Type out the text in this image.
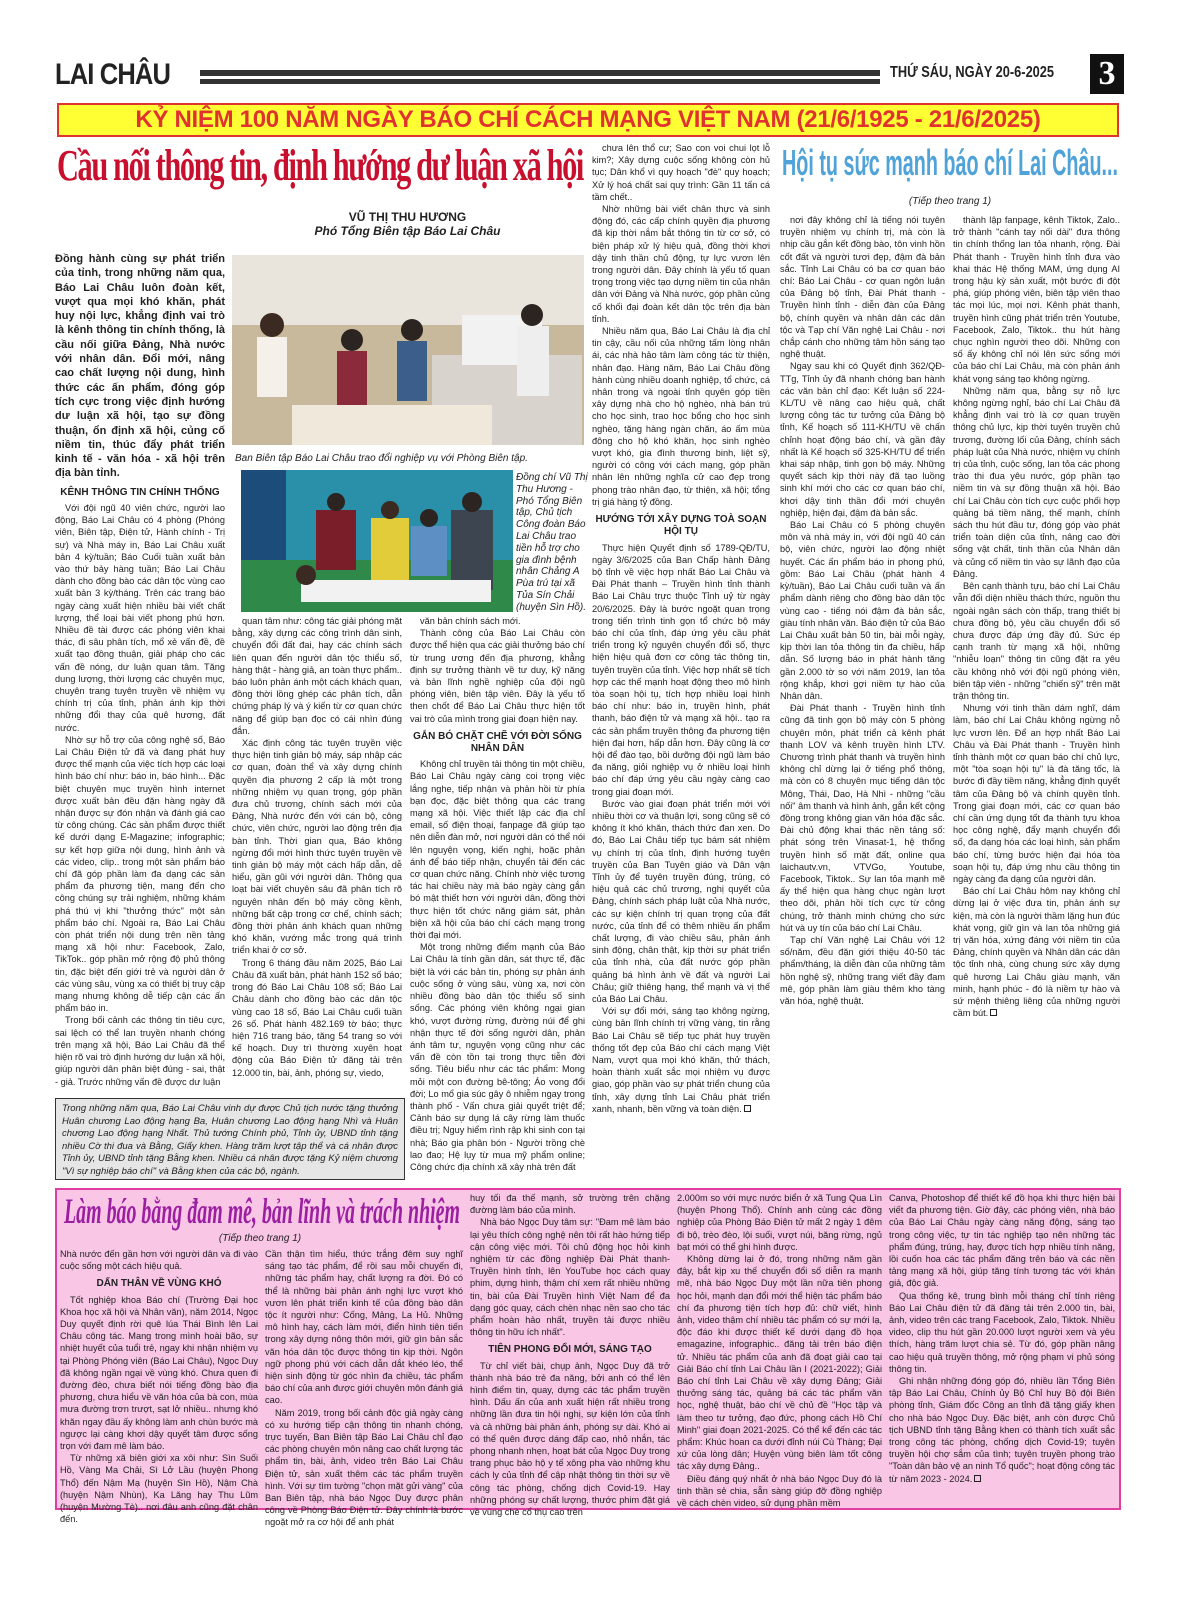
LAI CHÂU	THỨ SÁU, NGÀY 20-6-2025 3
KỶ NIỆM 100 NĂM NGÀY BÁO CHÍ CÁCH MẠNG VIỆT NAM (21/6/1925 - 21/6/2025)
Cầu nối thông tin, định hướng dư luận xã hội
VŨ THỊ THU HƯƠNG
Phó Tổng Biên tập Báo Lai Châu
Ban Biên tập Báo Lai Châu trao đổi nghiệp vụ với Phòng Biên tập.
Đồng chí Vũ Thị Thu Hương - Phó Tổng Biên tập, Chủ tịch Công đoàn Báo Lai Châu trao tiền hỗ trợ cho gia đình bệnh nhân Chảng A Pùa trú tại xã Tủa Sín Chải (huyện Sìn Hồ).

Đồng hành cùng sự phát triển của tỉnh, trong những năm qua, Báo Lai Châu luôn đoàn kết, vượt qua mọi khó khăn, phát huy nội lực, khẳng định vai trò là kênh thông tin chính thống, là cầu nối giữa Đảng, Nhà nước với nhân dân. Đổi mới, nâng cao chất lượng nội dung, hình thức các ấn phẩm, đóng góp tích cực trong việc định hướng dư luận xã hội, tạo sự đồng thuận, ổn định xã hội, củng cố niềm tin, thúc đẩy phát triển kinh tế - văn hóa - xã hội trên địa bàn tỉnh.

KÊNH THÔNG TIN CHÍNH THỐNG

Với đội ngũ 40 viên chức, người lao động, Báo Lai Châu có 4 phòng (Phóng viên, Biên tập, Điện tử, Hành chính - Trị sự) và Nhà máy in, Báo Lai Châu xuất bản 4 kỳ/tuần; Báo Cuối tuần xuất bản vào thứ bảy hàng tuần; Báo Lai Châu dành cho đồng bào các dân tộc vùng cao xuất bản 3 kỳ/tháng. Trên các trang báo ngày càng xuất hiện nhiều bài viết chất lượng, thể loại bài viết phong phú hơn. Nhiều đề tài được các phóng viên khai thác, đi sâu phân tích, mổ xẻ vấn đề, đề xuất tạo đồng thuận, giải pháp cho các vấn đề nóng, dư luận quan tâm. Tăng dung lượng, thời lượng các chuyên mục, chuyên trang tuyên truyền về nhiệm vụ chính trị của tỉnh, phản ánh kịp thời những đổi thay của quê hương, đất nước.

Nhờ sự hỗ trợ của công nghệ số, Báo Lai Châu Điện tử đã và đang phát huy được thế mạnh của việc tích hợp các loại hình báo chí như: báo in, báo hình... Đặc biệt chuyên mục truyền hình internet được xuất bản đều đặn hàng ngày đã nhận được sự đón nhận và đánh giá cao từ công chúng. Các sản phẩm được thiết kế dưới dạng E-Magazine; infographic; sự kết hợp giữa nội dung, hình ảnh và các video, clip.. trong một sản phẩm báo chí đã góp phần làm đa dạng các sản phẩm đa phương tiện, mang đến cho công chúng sự trải nghiệm, những khám phá thú vị khi "thưởng thức" một sản phẩm báo chí. Ngoài ra, Báo Lai Châu còn phát triển nội dung trên nền tảng mạng xã hội như: Facebook, Zalo, TikTok.. góp phần mở rộng độ phủ thông tin, đặc biệt đến giới trẻ và người dân ở các vùng sâu, vùng xa có thiết bị truy cập mạng nhưng không dễ tiếp cận các ấn phẩm báo in.

Trong bối cảnh các thông tin tiêu cực, sai lệch có thể lan truyền nhanh chóng trên mạng xã hội, Báo Lai Châu đã thể hiện rõ vai trò định hướng dư luận xã hội, giúp người dân phân biệt đúng - sai, thật - giả. Trước những vấn đề được dư luận

quan tâm như: công tác giải phóng mặt bằng, xây dựng các công trình dân sinh, chuyển đổi đất đai, hay các chính sách liên quan đến người dân tộc thiểu số, hàng thật - hàng giả, an toàn thực phẩm.. báo luôn phản ánh một cách khách quan, đồng thời lồng ghép các phân tích, dẫn chứng pháp lý và ý kiến từ cơ quan chức năng để giúp bạn đọc có cái nhìn đúng đắn.

Xác định công tác tuyên truyền việc thực hiện tinh giản bộ máy, sáp nhập các cơ quan, đoàn thể và xây dựng chính quyền địa phương 2 cấp là một trong những nhiệm vụ quan trọng, góp phần đưa chủ trương, chính sách mới của Đảng, Nhà nước đến với cán bộ, công chức, viên chức, người lao động trên địa bàn tỉnh. Thời gian qua, Báo không ngừng đổi mới hình thức tuyên truyền về tinh giản bộ máy một cách hấp dẫn, dễ hiểu, gần gũi với người dân. Thông qua loạt bài viết chuyên sâu đã phân tích rõ nguyên nhân đến bộ máy cồng kềnh, những bất cập trong cơ chế, chính sách; đồng thời phản ánh khách quan những khó khăn, vướng mắc trong quá trình triển khai ở cơ sở.

Trong 6 tháng đầu năm 2025, Báo Lai Châu đã xuất bản, phát hành 152 số báo; trong đó Báo Lai Châu 108 số; Báo Lai Châu dành cho đồng bào các dân tộc vùng cao 18 số, Báo Lai Châu cuối tuần 26 số. Phát hành 482.169 tờ báo; thực hiện 716 trang báo, tăng 54 trang so với kế hoạch. Duy trì thường xuyên hoạt động của Báo Điện tử đăng tải trên 12.000 tin, bài, ảnh, phóng sự, viedo,

văn bản chính sách mới.

Thành công của Báo Lai Châu còn được thể hiện qua các giải thưởng báo chí từ trung ương đến địa phương, khẳng định sự trưởng thành về tư duy, kỹ năng và bản lĩnh nghề nghiệp của đội ngũ phóng viên, biên tập viên. Đây là yếu tố then chốt để Báo Lai Châu thực hiện tốt vai trò của mình trong giai đoạn hiện nay.

GẮN BÓ CHẶT CHẼ VỚI ĐỜI SỐNG NHÂN DÂN

Không chỉ truyền tải thông tin một chiều, Báo Lai Châu ngày càng coi trọng việc lắng nghe, tiếp nhận và phản hồi từ phía bạn đọc, đặc biệt thông qua các trang mạng xã hội. Việc thiết lập các địa chỉ email, số điện thoại, fanpage đã giúp tạo nên diễn đàn mở, nơi người dân có thể nói lên nguyện vọng, kiến nghị, hoặc phản ánh để báo tiếp nhận, chuyển tải đến các cơ quan chức năng. Chính nhờ việc tương tác hai chiều này mà báo ngày càng gắn bó mật thiết hơn với người dân, đồng thời thực hiện tốt chức năng giám sát, phản biện xã hội của báo chí cách mạng trong thời đại mới.

Một trong những điểm mạnh của Báo Lai Châu là tính gần dân, sát thực tế, đặc biệt là với các bản tin, phóng sự phản ánh cuộc sống ở vùng sâu, vùng xa, nơi còn nhiều đồng bào dân tộc thiểu số sinh sống. Các phóng viên không ngại gian khó, vượt đường rừng, đường núi để ghi nhận thực tế đời sống người dân, phản ánh tâm tư, nguyện vọng cũng như các vấn đề còn tồn tại trong thực tiễn đời sống. Tiêu biểu như các tác phẩm: Mong mỏi một con đường bê-tông; Áo vong đổi đời; Lo mổ gia súc gây ô nhiễm ngay trong thành phố - Vấn chưa giải quyết triệt để; Cảnh báo sự dụng lá cây rừng làm thuốc điều trị; Nguy hiểm rình rập khi sinh con tại nhà; Báo gia phân bón - Người trồng chè lao đao; Hệ lụy từ mua mỹ phẩm online; Công chức địa chính xã xây nhà trên đất

chưa lên thổ cư; Sao con voi chui lọt lỗ kim?; Xây dựng cuộc sống không còn hủ tục; Dân khổ vì quy hoạch "đè" quy hoạch; Xử lý hoá chất sai quy trình: Gần 11 tấn cá tầm chết..

Nhờ những bài viết chân thực và sinh động đó, các cấp chính quyền địa phương đã kịp thời nắm bắt thông tin từ cơ sở, có biện pháp xử lý hiệu quả, đồng thời khơi dậy tinh thần chủ động, tự lực vươn lên trong người dân. Đây chính là yếu tố quan trọng trong việc tạo dựng niềm tin của nhân dân với Đảng và Nhà nước, góp phần củng cố khối đại đoàn kết dân tộc trên địa bàn tỉnh.

Nhiều năm qua, Báo Lai Châu là địa chỉ tin cậy, cầu nối của những tấm lòng nhân ái, các nhà hảo tâm làm công tác từ thiện, nhân đạo. Hàng năm, Báo Lai Châu đồng hành cùng nhiều doanh nghiệp, tổ chức, cá nhân trong và ngoài tỉnh quyên góp tiền xây dựng nhà cho hộ nghèo, nhà bán trú cho học sinh, trao học bổng cho học sinh nghèo, tặng hàng ngàn chăn, áo ấm mùa đông cho hộ khó khăn, học sinh nghèo vượt khó, gia đình thương binh, liệt sỹ, người có công với cách mạng, góp phần nhân lên những nghĩa cử cao đẹp trong phong trào nhân đạo, từ thiện, xã hội; tổng trị giá hàng tỷ đồng.

HƯỚNG TỚI XÂY DỰNG TOÀ SOẠN HỘI TỤ

Thực hiện Quyết định số 1789-QĐ/TU, ngày 3/6/2025 của Ban Chấp hành Đảng bộ tỉnh về việc hợp nhất Báo Lai Châu và Đài Phát thanh – Truyền hình tỉnh thành Báo Lai Châu trực thuộc Tỉnh uỷ từ ngày 20/6/2025. Đây là bước ngoặt quan trọng trong tiến trình tinh gọn tổ chức bộ máy báo chí của tỉnh, đáp ứng yêu cầu phát triển trong kỷ nguyên chuyển đổi số, thực hiện hiệu quả đơn cơ công tác thông tin, tuyên truyền của tỉnh. Việc hợp nhất sẽ tích hợp các thế mạnh hoạt động theo mô hình tòa soạn hội tụ, tích hợp nhiều loại hình báo chí như: báo in, truyền hình, phát thanh, báo điện tử và mạng xã hội.. tạo ra các sản phẩm truyền thông đa phương tiện hiện đại hơn, hấp dẫn hơn. Đây cũng là cơ hội để đào tạo, bồi dưỡng đội ngũ làm báo đa năng, giỏi nghiệp vụ ở nhiều loại hình báo chí đáp ứng yêu cầu ngày càng cao trong giai đoạn mới.

Bước vào giai đoạn phát triển mới với nhiều thời cơ và thuận lợi, song cũng sẽ có không ít khó khăn, thách thức đan xen. Do đó, Báo Lai Châu tiếp tục bám sát nhiệm vụ chính trị của tỉnh, định hướng tuyên truyền của Ban Tuyên giáo và Dân vận Tỉnh ủy để tuyên truyền đúng, trúng, có hiệu quả các chủ trương, nghị quyết của Đảng, chính sách pháp luật của Nhà nước, các sự kiện chính trị quan trọng của đất nước, của tỉnh để có thêm nhiều ấn phẩm chất lượng, đi vào chiều sâu, phản ánh sinh động, chân thật, kịp thời sự phát triển của tỉnh nhà, của đất nước góp phần quảng bá hình ảnh về đất và người Lai Châu; giữ thiêng hạng, thể mạnh và vị thế của Báo Lai Châu.

Với sự đổi mới, sáng tạo không ngừng, cùng bản lĩnh chính trị vững vàng, tin rằng Báo Lai Châu sẽ tiếp tục phát huy truyền thống tốt đẹp của Báo chí cách mạng Việt Nam, vượt qua mọi khó khăn, thử thách, hoàn thành xuất sắc mọi nhiệm vụ được giao, góp phần vào sự phát triển chung của tỉnh, xây dựng tỉnh Lai Châu phát triển xanh, nhanh, bền vững và toàn diện.

Trong những năm qua, Báo Lai Châu vinh dự được Chủ tịch nước tặng thưởng Huân chương Lao động hạng Ba, Huân chương Lao động hạng Nhì và Huân chương Lao động hạng Nhất. Thủ tướng Chính phủ, Tỉnh ủy, UBND tỉnh tặng nhiều Cờ thi đua và Bằng, Giấy khen. Hàng trăm lượt tập thể và cá nhân được Tỉnh ủy, UBND tỉnh tặng Bằng khen. Nhiều cá nhân được tặng Kỷ niệm chương "Vì sự nghiệp báo chí" và Bằng khen của các bộ, ngành.
Hội tụ sức mạnh báo chí Lai Châu...
(Tiếp theo trang 1)

nơi đây không chỉ là tiếng nói tuyên truyền nhiệm vụ chính trị, mà còn là nhịp cầu gắn kết đồng bào, tôn vinh hồn cốt đất và người tươi đẹp, đậm đà bản sắc. Tỉnh Lai Châu có ba cơ quan báo chí: Báo Lai Châu - cơ quan ngôn luận của Đảng bộ tỉnh, Đài Phát thanh - Truyền hình tỉnh - diễn đàn của Đảng bộ, chính quyền và nhân dân các dân tộc và Tạp chí Văn nghệ Lai Châu - nơi chắp cánh cho những tâm hồn sáng tạo nghệ thuật.

Ngay sau khi có Quyết định 362/QĐ-TTg, Tỉnh ủy đã nhanh chóng ban hành các văn bản chỉ đạo: Kết luận số 224-KL/TU về nâng cao hiệu quả, chất lượng công tác tư tưởng của Đảng bộ tỉnh, Kế hoạch số 111-KH/TU về chấn chỉnh hoạt động báo chí, và gần đây nhất là Kế hoạch số 325-KH/TU để triển khai sáp nhập, tinh gọn bộ máy. Những quyết sách kịp thời này đã tạo luồng sinh khí mới cho các cơ quan báo chí, khơi dậy tinh thần đổi mới chuyên nghiệp, hiện đại, đậm đà bản sắc.

Báo Lai Châu có 5 phòng chuyên môn và nhà máy in, với đội ngũ 40 cán bộ, viên chức, người lao động nhiệt huyết. Các ấn phẩm báo in phong phú, gồm: Báo Lai Châu (phát hành 4 kỳ/tuần), Báo Lai Châu cuối tuần và ấn phẩm dành riêng cho đồng bào dân tộc vùng cao - tiếng nói đậm đà bản sắc, giàu tính nhân văn. Báo điện tử của Báo Lai Châu xuất bản 50 tin, bài mỗi ngày, kịp thời lan tỏa thông tin đa chiều, hấp dẫn. Số lượng báo in phát hành tăng gần 2.000 tờ so với năm 2019, lan tỏa rộng khắp, khơi gợi niềm tự hào của Nhân dân.

Đài Phát thanh - Truyền hình tỉnh cũng đã tinh gọn bộ máy còn 5 phòng chuyên môn, phát triển cả kênh phát thanh LOV và kênh truyền hình LTV. Chương trình phát thanh và truyền hình không chỉ dừng lại ở tiếng phổ thông, mà còn có 8 chuyên mục tiếng dân tộc Mông, Thái, Dao, Hà Nhì - những "cầu nối" âm thanh và hình ảnh, gắn kết cộng đồng trong không gian văn hóa đặc sắc. Đài chủ động khai thác nền tảng số: phát sóng trên Vinasat-1, hệ thống truyền hình số mặt đất, online qua laichautv.vn, VTVGo, Youtube, Facebook, Tiktok.. Sự lan tỏa mạnh mẽ ấy thể hiện qua hàng chục ngàn lượt theo dõi, phản hồi tích cực từ công chúng, trở thành minh chứng cho sức hút và uy tín của báo chí Lai Châu.

Tạp chí Văn nghệ Lai Châu với 12 số/năm, đều đặn giới thiệu 40-50 tác phẩm/tháng, là diễn đàn của những tâm hồn nghệ sỹ, những trang viết đầy đam mê, góp phần làm giàu thêm kho tàng văn hóa, nghệ thuật.

thành lập fanpage, kênh Tiktok, Zalo.. trở thành "cánh tay nối dài" đưa thông tin chính thống lan tỏa nhanh, rộng. Đài Phát thanh - Truyền hình tỉnh đưa vào khai thác Hệ thống MAM, ứng dụng AI trong hậu kỳ sản xuất, một bước đi đột phá, giúp phóng viên, biên tập viên thao tác mọi lúc, mọi nơi. Kênh phát thanh, truyền hình cũng phát triển trên Youtube, Facebook, Zalo, Tiktok.. thu hút hàng chục nghìn người theo dõi. Những con số ấy không chỉ nói lên sức sống mới của báo chí Lai Châu, mà còn phản ánh khát vọng sáng tạo không ngừng.

Những năm qua, bằng sự nỗ lực không ngừng nghỉ, báo chí Lai Châu đã khẳng định vai trò là cơ quan truyền thông chủ lực, kịp thời tuyên truyền chủ trương, đường lối của Đảng, chính sách pháp luật của Nhà nước, nhiệm vụ chính trị của tỉnh, cuộc sống, lan tỏa các phong trào thi đua yêu nước, góp phần tạo niềm tin và sự đồng thuận xã hội. Báo chí Lai Châu còn tích cực cuộc phối hợp quảng bá tiềm năng, thế mạnh, chính sách thu hút đầu tư, đóng góp vào phát triển toàn diện của tỉnh, nâng cao đời sống vật chất, tinh thần của Nhân dân và củng cố niềm tin vào sự lãnh đạo của Đảng.

Bên cạnh thành tựu, báo chí Lai Châu vẫn đối diện nhiều thách thức, nguồn thu ngoài ngân sách còn thấp, trang thiết bị chưa đồng bộ, yêu cầu chuyển đổi số chưa được đáp ứng đầy đủ. Sức ép cạnh tranh từ mạng xã hội, những "nhiễu loạn" thông tin cũng đặt ra yêu cầu không nhỏ với đội ngũ phóng viên, biên tập viên - những "chiến sỹ" trên mặt trận thông tin.

Nhưng với tinh thần dám nghĩ, dám làm, báo chí Lai Châu không ngừng nỗ lực vươn lên. Để an hợp nhất Báo Lai Châu và Đài Phát thanh - Truyền hình tỉnh thành một cơ quan báo chí chủ lực, một "tòa soạn hội tụ" là đà tăng tốc, là bước đi đầy tiềm năng, khẳng định quyết tâm của Đảng bộ và chính quyền tỉnh. Trong giai đoạn mới, các cơ quan báo chí cần ứng dụng tốt đa thành tựu khoa học công nghệ, đẩy mạnh chuyển đổi số, đa dạng hóa các loại hình, sản phẩm báo chí, từng bước hiện đại hóa tòa soạn hội tụ, đáp ứng nhu cầu thông tin ngày càng đa dạng của người dân.

Báo chí Lai Châu hôm nay không chỉ dừng lại ở việc đưa tin, phản ánh sự kiện, mà còn là người thầm lặng hun đúc khát vọng, giữ gìn và lan tỏa những giá trị văn hóa, xứng đáng với niềm tin của Đảng, chính quyền và Nhân dân các dân tộc tỉnh nhà, cùng chung sức xây dựng quê hương Lai Châu giàu mạnh, văn minh, hạnh phúc - đó là niềm tự hào và sứ mệnh thiêng liêng của những người cầm bút.

Làm báo bằng đam mê, bản lĩnh và trách nhiệm
(Tiếp theo trang 1)

Nhà nước đến gần hơn với người dân và đi vào cuộc sống một cách hiệu quả.

DẤN THÂN VỀ VÙNG KHÓ

Tốt nghiệp khoa Báo chí (Trường Đại học Khoa học xã hội và Nhân văn), năm 2014, Ngọc Duy quyết định rời quê lúa Thái Bình lên Lai Châu công tác. Mang trong mình hoài bão, sự nhiệt huyết của tuổi trẻ, ngay khi nhận nhiệm vụ tại Phòng Phóng viên (Báo Lai Châu), Ngọc Duy đã không ngần ngại về vùng khó. Chưa quen đi đường đèo, chưa biết nói tiếng đồng bào địa phương, chưa hiểu về văn hóa của bà con, mùa mưa đường trơn trượt, sạt lở nhiều.. nhưng khó khăn ngay đầu ấy không làm anh chùn bước mà ngược lại càng khơi dậy quyết tâm được sống trọn với đam mê làm báo.

Từ những xã biên giới xa xôi như: Sìn Suối Hồ, Vàng Ma Chải, Sì Lở Lầu (huyện Phong Thổ) đến Nậm Mạ (huyện Sìn Hồ), Nậm Chà (huyện Nậm Nhùn), Ka Lăng hay Thu Lũm (huyện Mường Tè).. nơi đâu anh cũng đặt chân đến.

Cần thận tìm hiểu, thức trắng đêm suy nghĩ sáng tạo tác phẩm, để rồi sau mỗi chuyến đi, những tác phẩm hay, chất lượng ra đời. Đó có thể là những bài phản ánh nghị lực vượt khó vươn lên phát triển kinh tế của đồng bào dân tộc ít người như: Cống, Mảng, La Hủ. Những mô hình hay, cách làm mới, điển hình tiên tiến trong xây dựng nông thôn mới, giữ gìn bản sắc văn hóa dân tộc được thông tin kịp thời. Ngôn ngữ phong phú với cách dẫn dắt khéo léo, thể hiện sinh động từ góc nhìn đa chiều, tác phẩm báo chí của anh được giới chuyên môn đánh giá cao.

Năm 2019, trong bối cảnh độc giả ngày càng có xu hướng tiếp cận thông tin nhanh chóng, trực tuyến, Ban Biên tập Báo Lai Châu chỉ đạo các phòng chuyên môn nâng cao chất lượng tác phẩm tin, bài, ảnh, video trên Báo Lai Châu Điện tử, sản xuất thêm các tác phẩm truyền hình. Với sự tìm tường "chọn mặt gửi vàng" của Ban Biên tập, nhà báo Ngọc Duy được phân công về Phòng Báo Điện tử. Đây chính là bước ngoặt mở ra cơ hội để anh phát

huy tối đa thế mạnh, sở trường trên chặng đường làm báo của mình.

Nhà báo Ngọc Duy tâm sự: "Đam mê làm báo lại yêu thích công nghệ nên tôi rất hào hứng tiếp cận công việc mới. Tôi chủ động học hỏi kinh nghiệm từ các đồng nghiệp Đài Phát thanh-Truyền hình tỉnh, lên YouTube học cách quay phim, dựng hình, thậm chí xem rất nhiều những tin, bài của Đài Truyền hình Việt Nam để đa dạng góc quay, cách chèn nhạc nền sao cho tác phẩm hoàn hảo nhất, truyền tải được nhiều thông tin hữu ích nhất".

TIÊN PHONG ĐỔI MỚI, SÁNG TẠO

Từ chỉ viết bài, chụp ảnh, Ngọc Duy đã trở thành nhà báo trẻ đa năng, bởi anh có thể lên hình điểm tin, quay, dựng các tác phẩm truyền hình. Dấu ấn của anh xuất hiện rất nhiều trong những lần đưa tin hội nghị, sự kiện lớn của tỉnh và cả những bài phản ánh, phóng sự dài. Khó ai có thể quên được dáng đấp cao, nhỏ nhắn, tác phong nhanh nhẹn, hoạt bát của Ngọc Duy trong trang phục bảo hộ y tế xông pha vào những khu cách ly của tỉnh để cập nhật thông tin thời sự về công tác phòng, chống dịch Covid-19. Hay những phóng sự chất lượng, thước phim đặt giá về vùng chè cổ thụ cao trên

2.000m so với mực nước biển ở xã Tung Qua Lìn (huyện Phong Thổ). Chính anh cùng các đồng nghiệp của Phòng Báo Điện tử mất 2 ngày 1 đêm đi bộ, trèo đèo, lội suối, vượt núi, băng rừng, ngủ bạt mới có thể ghi hình được.

Không dừng lại ở đó, trong những năm gần đây, bắt kịp xu thế chuyển đổi số diễn ra mạnh mẽ, nhà báo Ngọc Duy một lần nữa tiên phong học hỏi, mạnh dạn đổi mới thể hiện tác phẩm báo chí đa phương tiện tích hợp đủ: chữ viết, hình ảnh, video thậm chí nhiều tác phẩm có sự mới lạ, độc đáo khi được thiết kế dưới dạng đồ họa emagazine, infographic.. đăng tải trên báo điện tử. Nhiều tác phẩm của anh đã đoạt giải cao tại Giải Báo chí tỉnh Lai Châu lần I (2021-2022); Giải Báo chí tỉnh Lai Châu về xây dựng Đảng; Giải thưởng sáng tác, quảng bá các tác phẩm văn học, nghệ thuật, báo chí về chủ đề "Học tập và làm theo tư tưởng, đạo đức, phong cách Hồ Chí Minh" giai đoạn 2021-2025. Có thể kể đến các tác phẩm: Khúc hoan ca dưới đỉnh núi Cù Thàng; Đại xứ của lòng dân; Huyện vùng biên làm tốt công tác xây dựng Đảng..

Điều đáng quý nhất ở nhà báo Ngọc Duy đó là tinh thần sẻ chia, sẵn sàng giúp đỡ đồng nghiệp về cách chèn video, sử dụng phần mềm

Canva, Photoshop để thiết kế đồ họa khi thực hiện bài viết đa phương tiện. Giờ đây, các phóng viên, nhà báo của Báo Lai Châu ngày càng năng động, sáng tạo trong công việc, tự tin tác nghiệp tạo nên những tác phẩm đúng, trúng, hay, được tích hợp nhiều tính năng, lồi cuốn hoa các tác phẩm đăng trên báo và các nền tảng mạng xã hội, giúp tăng tính tương tác với khán giả, độc giả.

Qua thống kê, trung bình mỗi tháng chỉ tính riêng Báo Lai Châu điện tử đã đăng tải trên 2.000 tin, bài, ảnh, video trên các trang Facebook, Zalo, Tiktok. Nhiều video, clip thu hút gần 20.000 lượt người xem và yêu thích, hàng trăm lượt chia sẻ. Từ đó, góp phần nâng cao hiệu quả truyền thông, mở rộng phạm vi phủ sóng thông tin.

Ghi nhận những đóng góp đó, nhiều lần Tổng Biên tập Báo Lai Châu, Chính ủy Bộ Chỉ huy Bộ đội Biên phòng tỉnh, Giám đốc Công an tỉnh đã tặng giấy khen cho nhà báo Ngọc Duy. Đặc biệt, anh còn được Chủ tịch UBND tỉnh tặng Bằng khen có thành tích xuất sắc trong công tác phòng, chống dịch Covid-19; tuyên truyền hội chợ sắm của tình; tuyên truyền phong trào "Toàn dân bảo vệ an ninh Tổ quốc"; hoạt động công tác từ năm 2023 - 2024.
